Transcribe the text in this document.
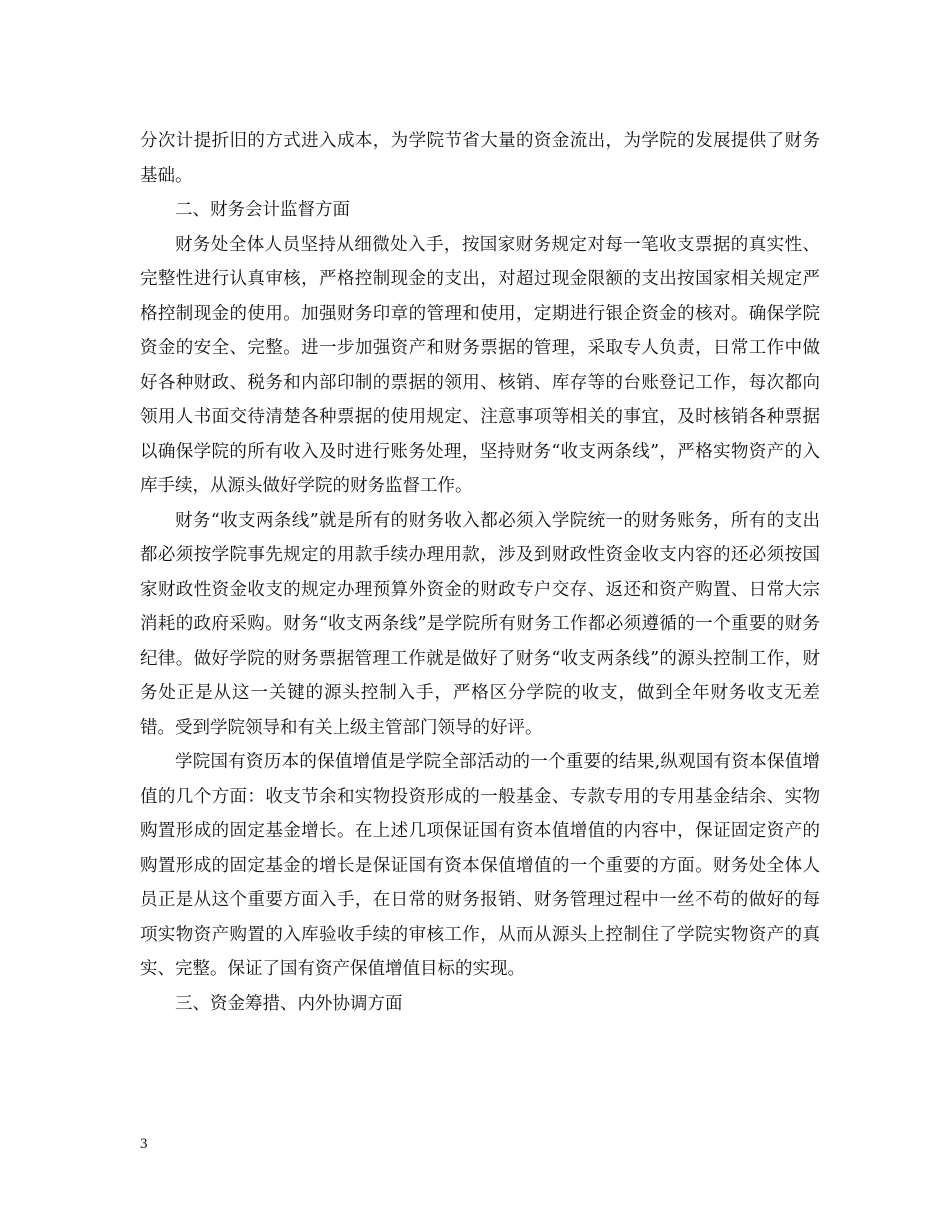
分次计提折旧的方式进入成本，为学院节省大量的资金流出，为学院的发展提供了财务基础。

二、财务会计监督方面

财务处全体人员坚持从细微处入手，按国家财务规定对每一笔收支票据的真实性、完整性进行认真审核，严格控制现金的支出，对超过现金限额的支出按国家相关规定严格控制现金的使用。加强财务印章的管理和使用，定期进行银企资金的核对。确保学院资金的安全、完整。进一步加强资产和财务票据的管理，采取专人负责，日常工作中做好各种财政、税务和内部印制的票据的领用、核销、库存等的台账登记工作，每次都向领用人书面交待清楚各种票据的使用规定、注意事项等相关的事宜，及时核销各种票据以确保学院的所有收入及时进行账务处理，坚持财务“收支两条线”，严格实物资产的入库手续，从源头做好学院的财务监督工作。

财务“收支两条线”就是所有的财务收入都必须入学院统一的财务账务，所有的支出都必须按学院事先规定的用款手续办理用款，涉及到财政性资金收支内容的还必须按国家财政性资金收支的规定办理预算外资金的财政专户交存、返还和资产购置、日常大宗消耗的政府采购。财务“收支两条线”是学院所有财务工作都必须遵循的一个重要的财务纪律。做好学院的财务票据管理工作就是做好了财务“收支两条线”的源头控制工作，财务处正是从这一关键的源头控制入手，严格区分学院的收支，做到全年财务收支无差错。受到学院领导和有关上级主管部门领导的好评。

学院国有资历本的保值增值是学院全部活动的一个重要的结果,纵观国有资本保值增值的几个方面：收支节余和实物投资形成的一般基金、专款专用的专用基金结余、实物购置形成的固定基金增长。在上述几项保证国有资本值增值的内容中，保证固定资产的购置形成的固定基金的增长是保证国有资本保值增值的一个重要的方面。财务处全体人员正是从这个重要方面入手，在日常的财务报销、财务管理过程中一丝不苟的做好的每项实物资产购置的入库验收手续的审核工作，从而从源头上控制住了学院实物资产的真实、完整。保证了国有资产保值增值目标的实现。

三、资金筹措、内外协调方面

3
